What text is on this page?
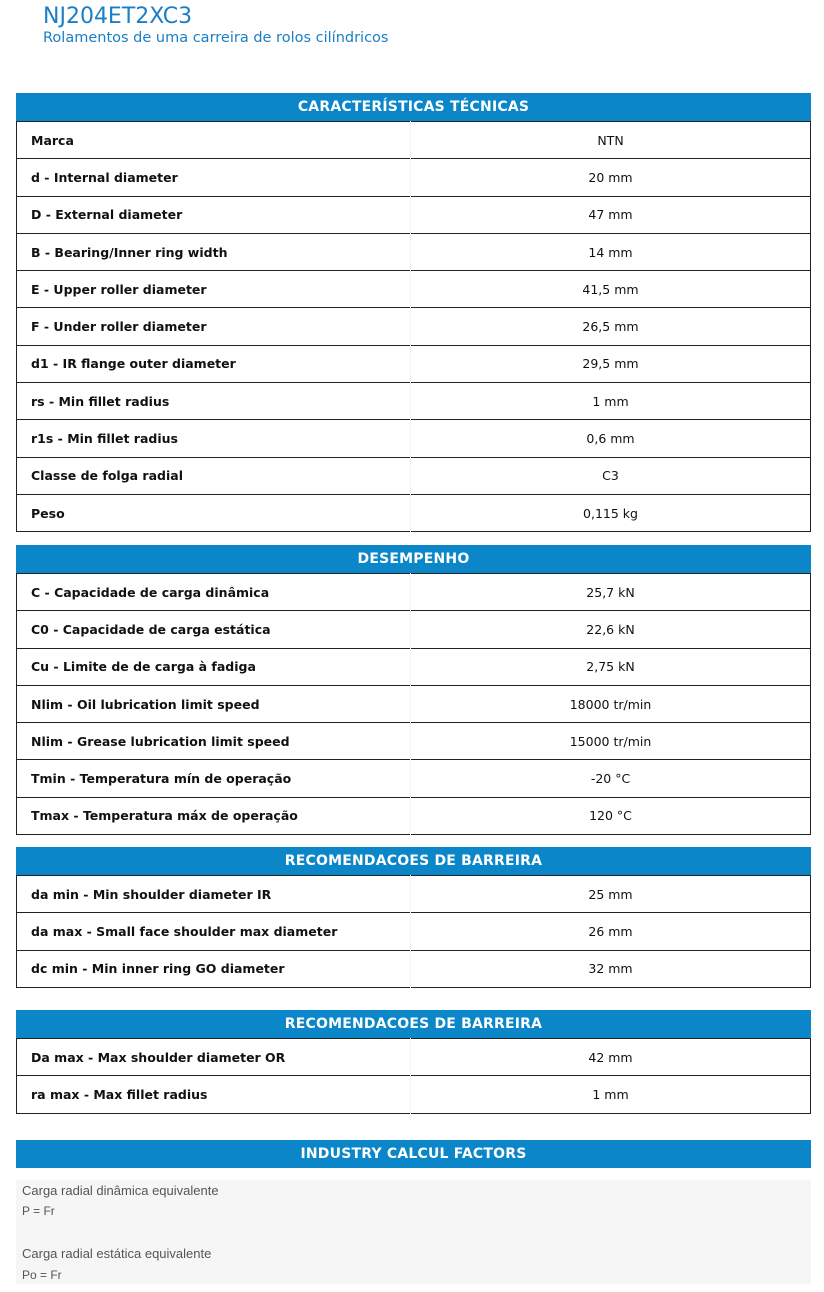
NJ204ET2XC3
Rolamentos de uma carreira de rolos cilíndricos
CARACTERÍSTICAS TÉCNICAS
Marca	NTN
d - Internal diameter	20 mm
D - External diameter	47 mm
B - Bearing/Inner ring width	14 mm
E - Upper roller diameter	41,5 mm
F - Under roller diameter	26,5 mm
d1 - IR flange outer diameter	29,5 mm
rs - Min fillet radius	1 mm
r1s - Min fillet radius	0,6 mm
Classe de folga radial	C3
Peso	0,115 kg
DESEMPENHO
C - Capacidade de carga dinâmica	25,7 kN
C0 - Capacidade de carga estática	22,6 kN
Cu - Limite de de carga à fadiga	2,75 kN
Nlim - Oil lubrication limit speed	18000 tr/min
Nlim - Grease lubrication limit speed	15000 tr/min
Tmin - Temperatura mín de operação	-20 °C
Tmax - Temperatura máx de operação	120 °C
RECOMENDACOES DE BARREIRA
da min - Min shoulder diameter IR	25 mm
da max - Small face shoulder max diameter	26 mm
dc min - Min inner ring GO diameter	32 mm
RECOMENDACOES DE BARREIRA
Da max - Max shoulder diameter OR	42 mm
ra max - Max fillet radius	1 mm
INDUSTRY CALCUL FACTORS
Carga radial dinâmica equivalente
P = Fr
Carga radial estática equivalente
Po = Fr
